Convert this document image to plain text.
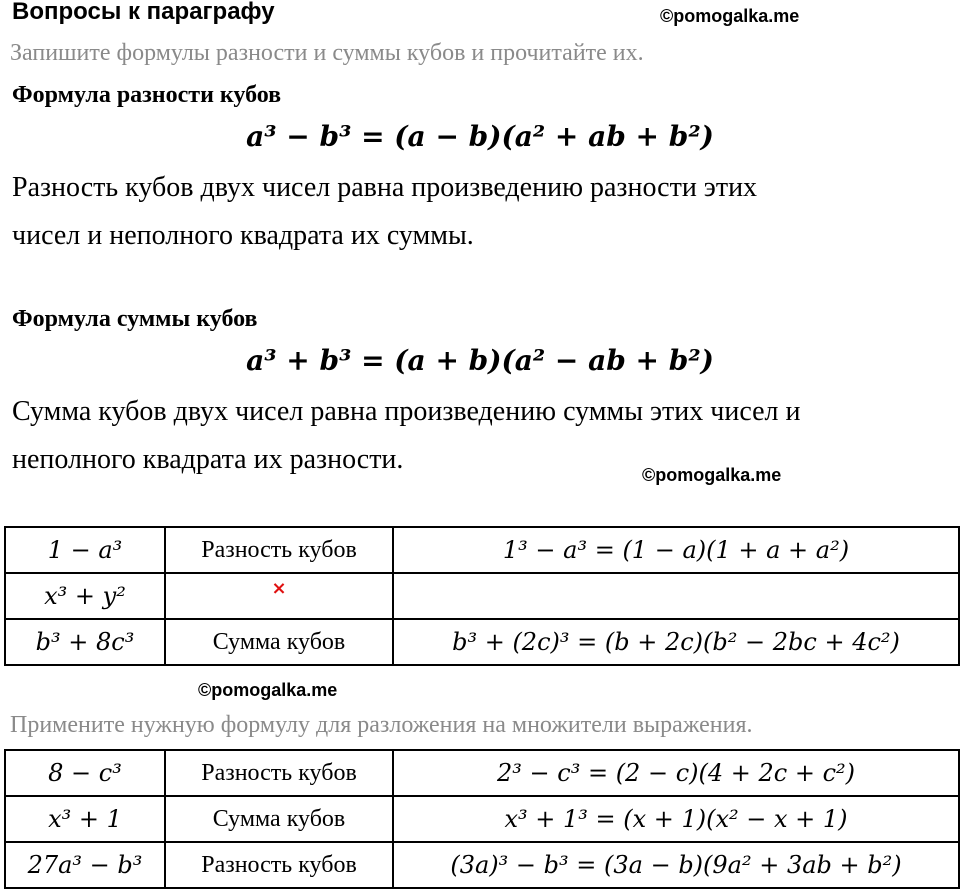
Вопросы к параграфу	©pomogalka.me
Запишите формулы разности и суммы кубов и прочитайте их.
Формула разности кубов
a³ − b³ = (a − b)(a² + ab + b²)
Разность кубов двух чисел равна произведению разности этих
чисел и неполного квадрата их суммы.
Формула суммы кубов
a³ + b³ = (a + b)(a² − ab + b²)
Сумма кубов двух чисел равна произведению суммы этих чисел и
неполного квадрата их разности.	©pomogalka.me
1 − a³	Разность кубов	1³ − a³ = (1 − a)(1 + a + a²)
x³ + y²	×	
b³ + 8c³	Сумма кубов	b³ + (2c)³ = (b + 2c)(b² − 2bc + 4c²)
©pomogalka.me
Примените нужную формулу для разложения на множители выражения.
8 − c³	Разность кубов	2³ − c³ = (2 − c)(4 + 2c + c²)
x³ + 1	Сумма кубов	x³ + 1³ = (x + 1)(x² − x + 1)
27a³ − b³	Разность кубов	(3a)³ − b³ = (3a − b)(9a² + 3ab + b²)
